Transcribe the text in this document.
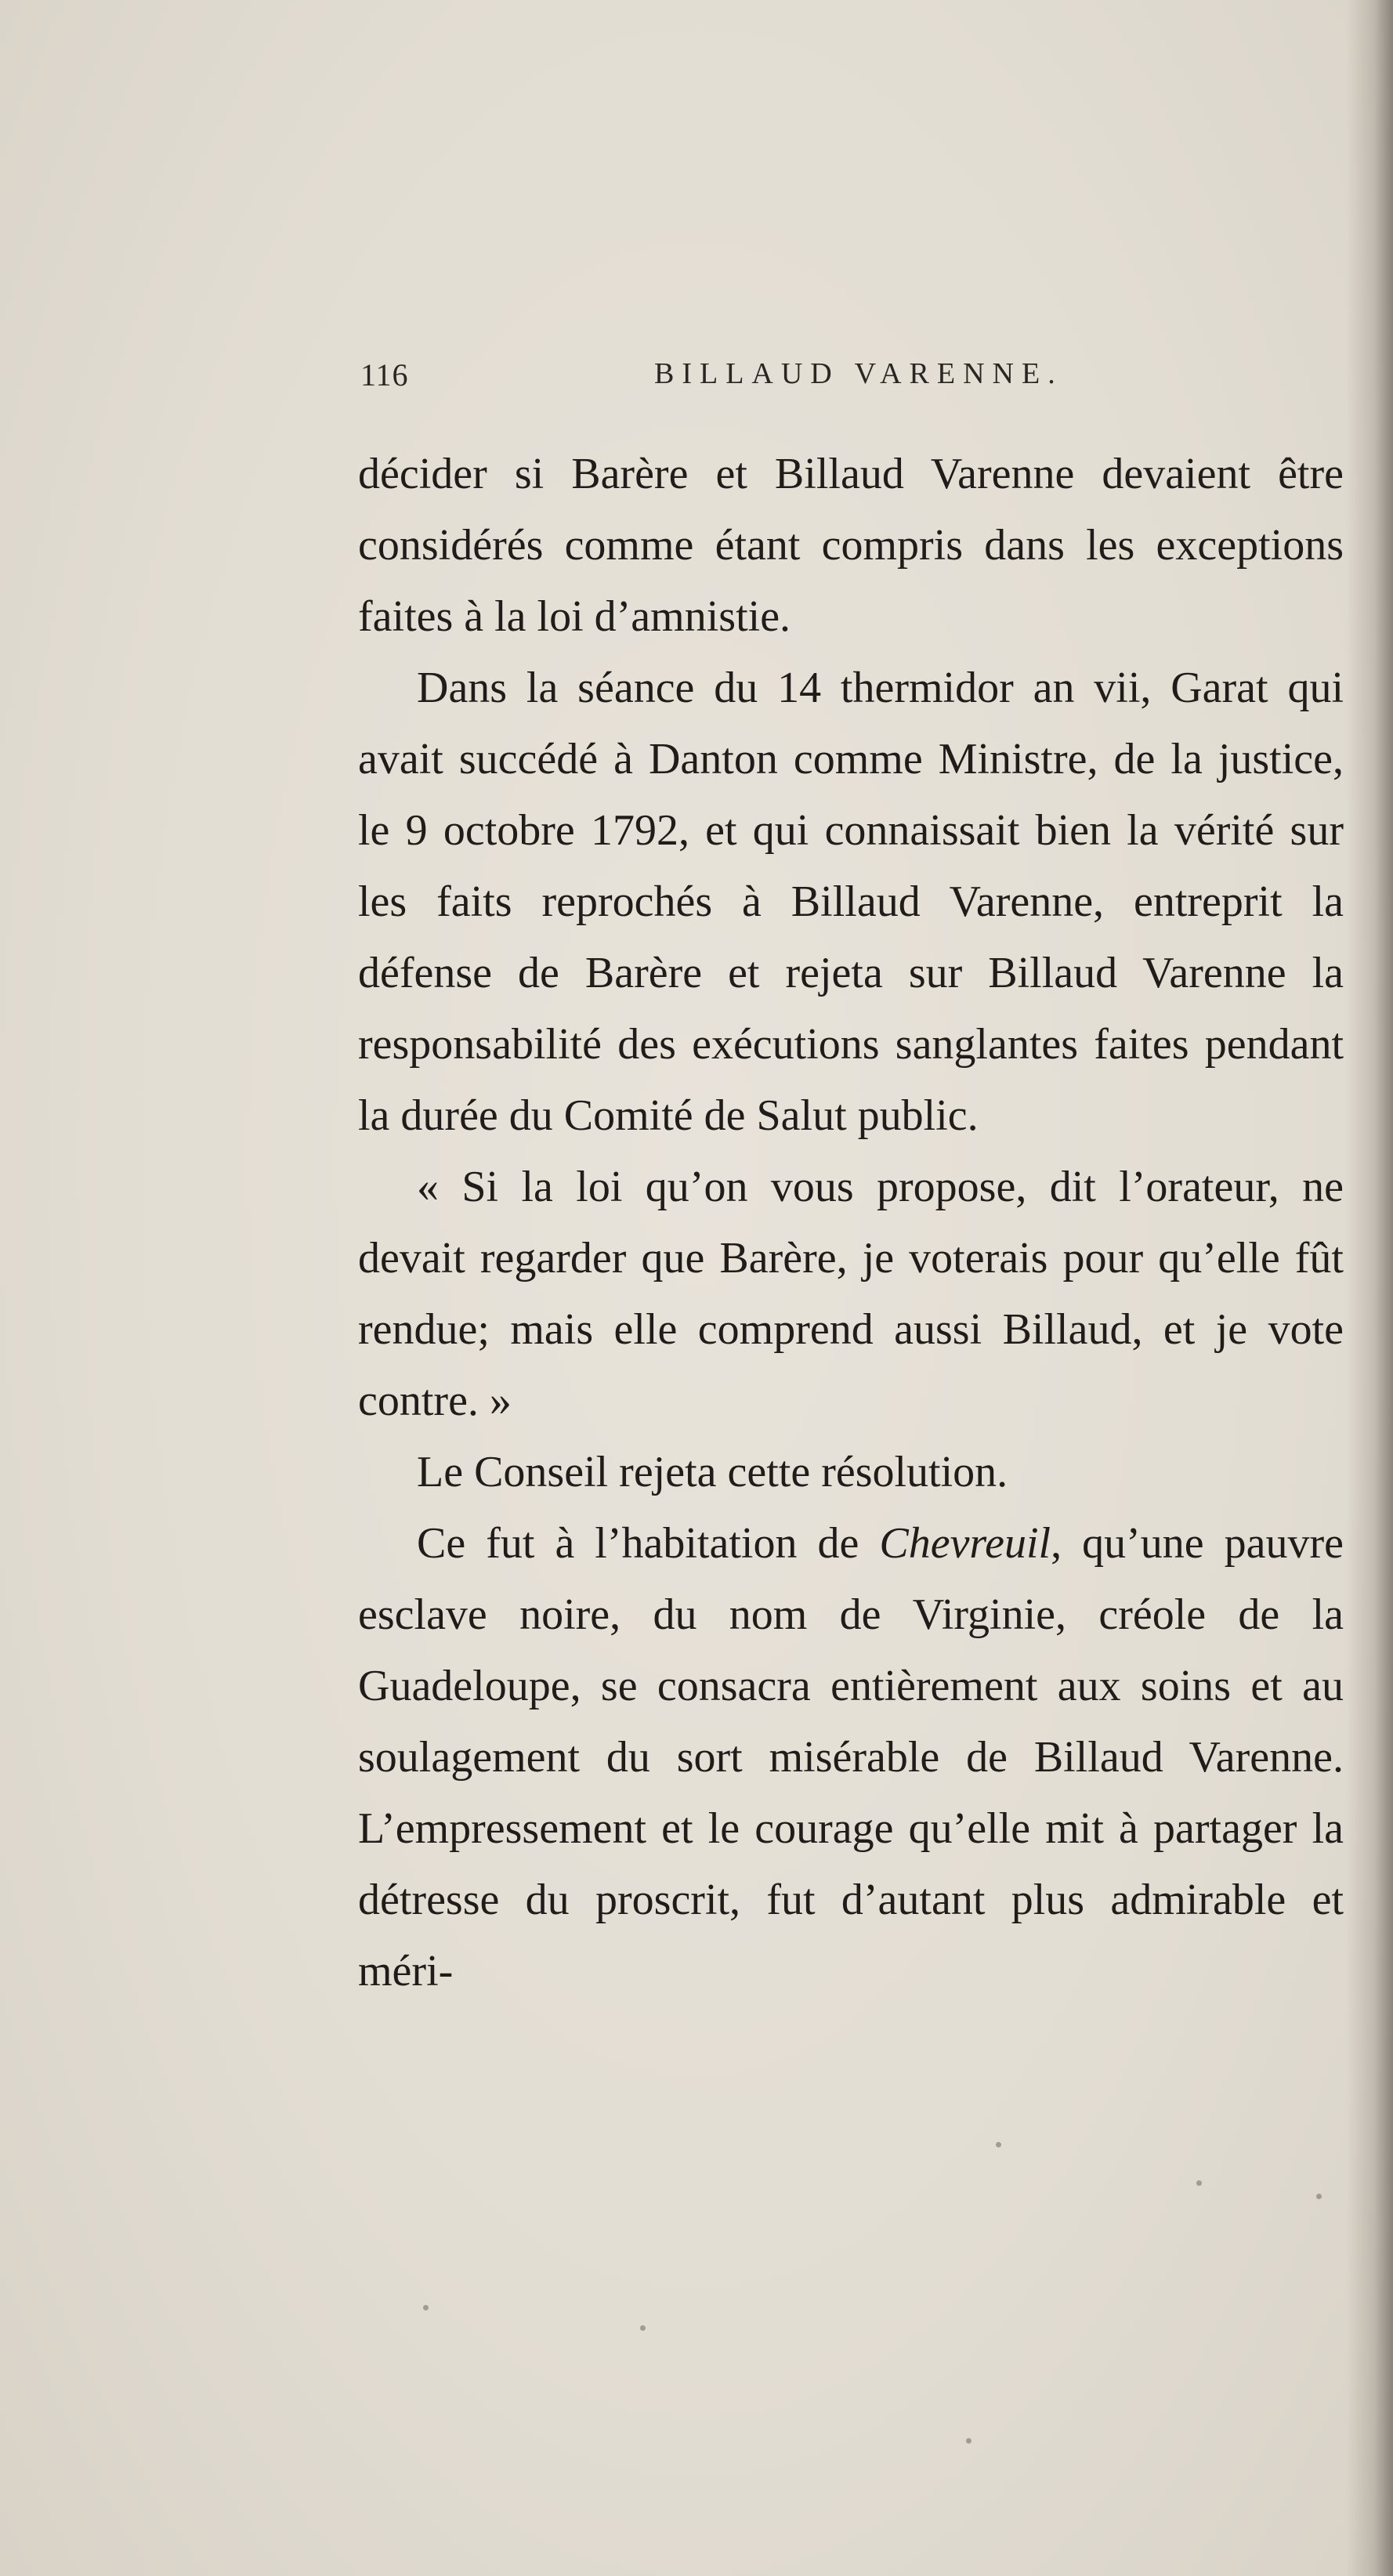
116	BILLAUD VARENNE.

décider si Barère et Billaud Varenne devaient être considérés comme étant compris dans les exceptions faites à la loi d’amnistie.

Dans la séance du 14 thermidor an vii, Garat qui avait succédé à Danton comme Ministre, de la justice, le 9 octobre 1792, et qui connaissait bien la vérité sur les faits reprochés à Billaud Varenne, entreprit la défense de Barère et rejeta sur Billaud Varenne la responsabilité des exécutions sanglantes faites pendant la durée du Comité de Salut public.

« Si la loi qu’on vous propose, dit l’orateur, ne devait regarder que Barère, je voterais pour qu’elle fût rendue; mais elle comprend aussi Billaud, et je vote contre. »

Le Conseil rejeta cette résolution.

Ce fut à l’habitation de Chevreuil, qu’une pauvre esclave noire, du nom de Virginie, créole de la Guadeloupe, se consacra entièrement aux soins et au soulagement du sort misérable de Billaud Varenne. L’empressement et le courage qu’elle mit à partager la détresse du proscrit, fut d’autant plus admirable et méri-
